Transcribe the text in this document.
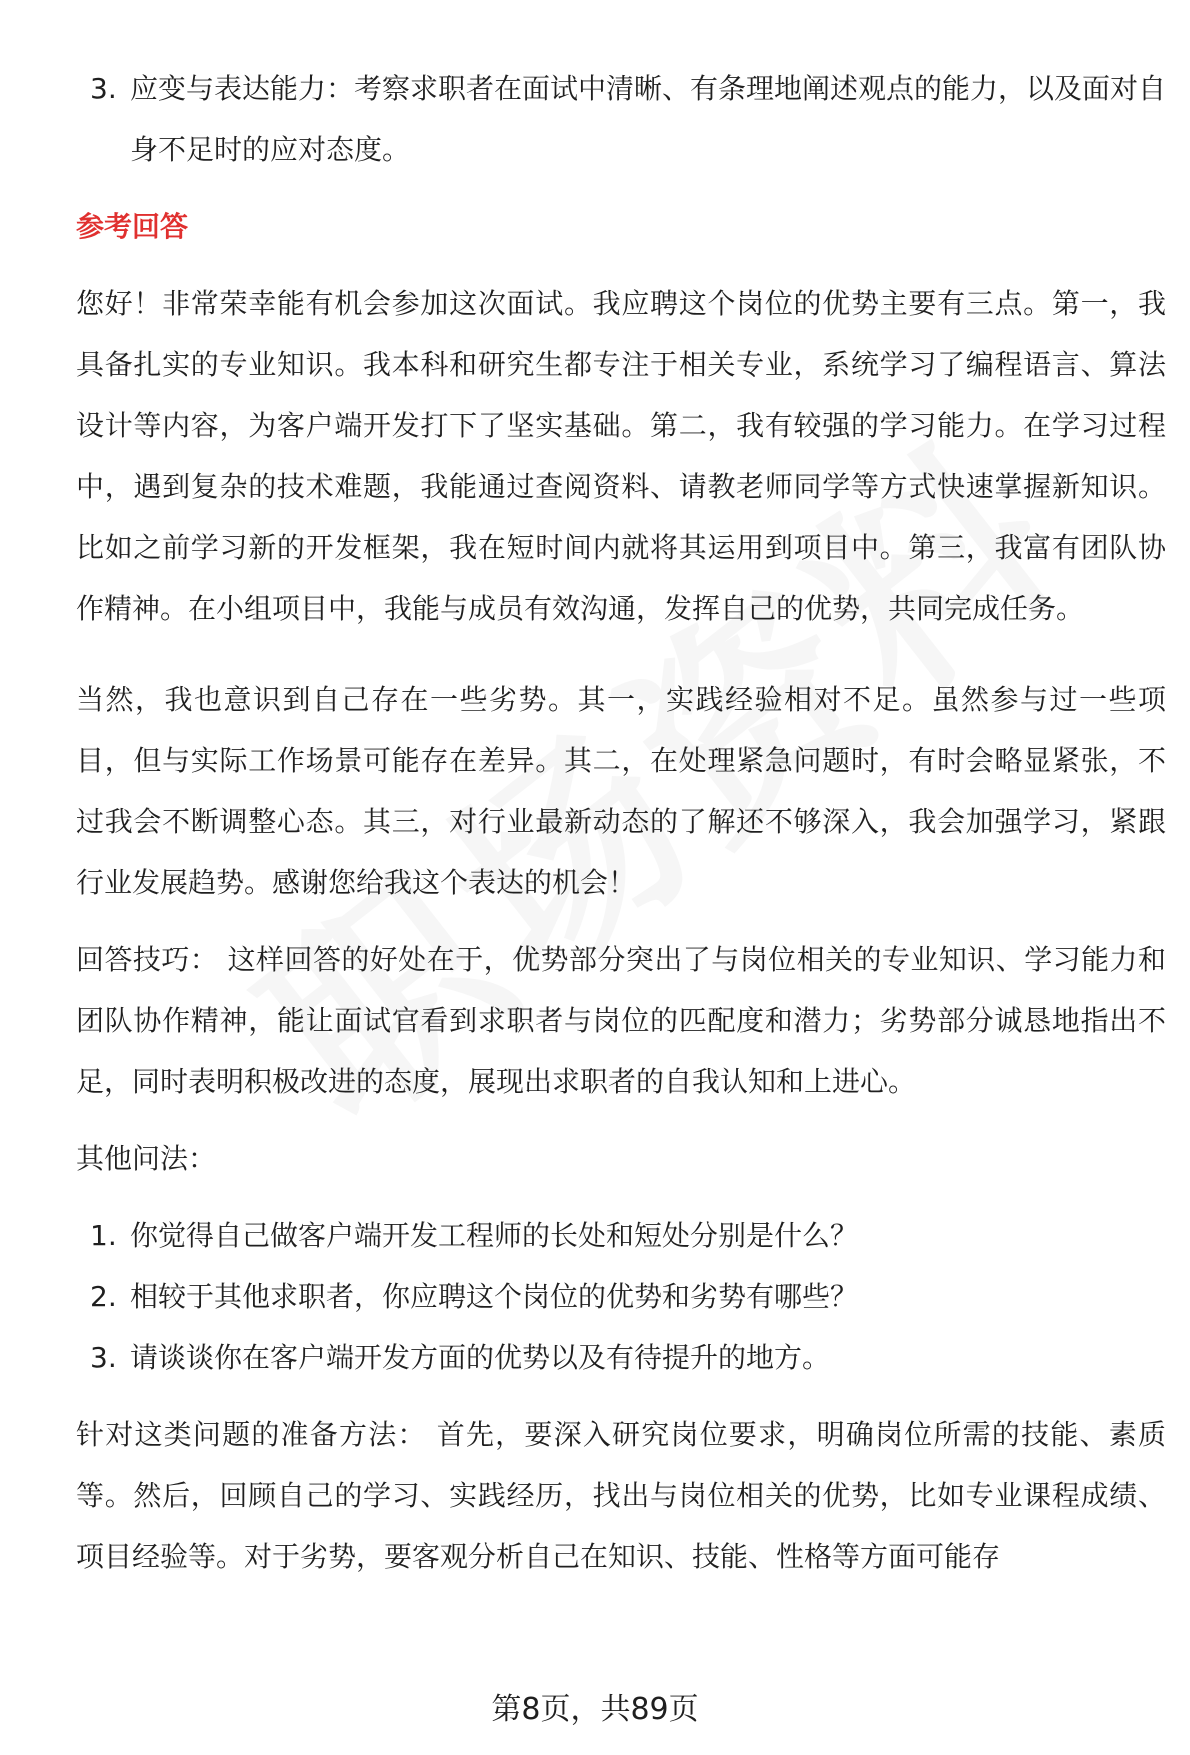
3. 应变与表达能力：考察求职者在面试中清晰、有条理地阐述观点的能力，以及面对自身不足时的应对态度。
参考回答

您好！非常荣幸能有机会参加这次面试。我应聘这个岗位的优势主要有三点。第一，我具备扎实的专业知识。我本科和研究生都专注于相关专业，系统学习了编程语言、算法设计等内容，为客户端开发打下了坚实基础。第二，我有较强的学习能力。在学习过程中，遇到复杂的技术难题，我能通过查阅资料、请教老师同学等方式快速掌握新知识。比如之前学习新的开发框架，我在短时间内就将其运用到项目中。第三，我富有团队协作精神。在小组项目中，我能与成员有效沟通，发挥自己的优势，共同完成任务。

当然，我也意识到自己存在一些劣势。其一，实践经验相对不足。虽然参与过一些项目，但与实际工作场景可能存在差异。其二，在处理紧急问题时，有时会略显紧张，不过我会不断调整心态。其三，对行业最新动态的了解还不够深入，我会加强学习，紧跟行业发展趋势。感谢您给我这个表达的机会！

回答技巧： 这样回答的好处在于，优势部分突出了与岗位相关的专业知识、学习能力和团队协作精神，能让面试官看到求职者与岗位的匹配度和潜力；劣势部分诚恳地指出不足，同时表明积极改进的态度，展现出求职者的自我认知和上进心。

其他问法：

1. 你觉得自己做客户端开发工程师的长处和短处分别是什么？
2. 相较于其他求职者，你应聘这个岗位的优势和劣势有哪些？
3. 请谈谈你在客户端开发方面的优势以及有待提升的地方。

针对这类问题的准备方法： 首先，要深入研究岗位要求，明确岗位所需的技能、素质等。然后，回顾自己的学习、实践经历，找出与岗位相关的优势，比如专业课程成绩、项目经验等。对于劣势，要客观分析自己在知识、技能、性格等方面可能存

第8页，共89页
